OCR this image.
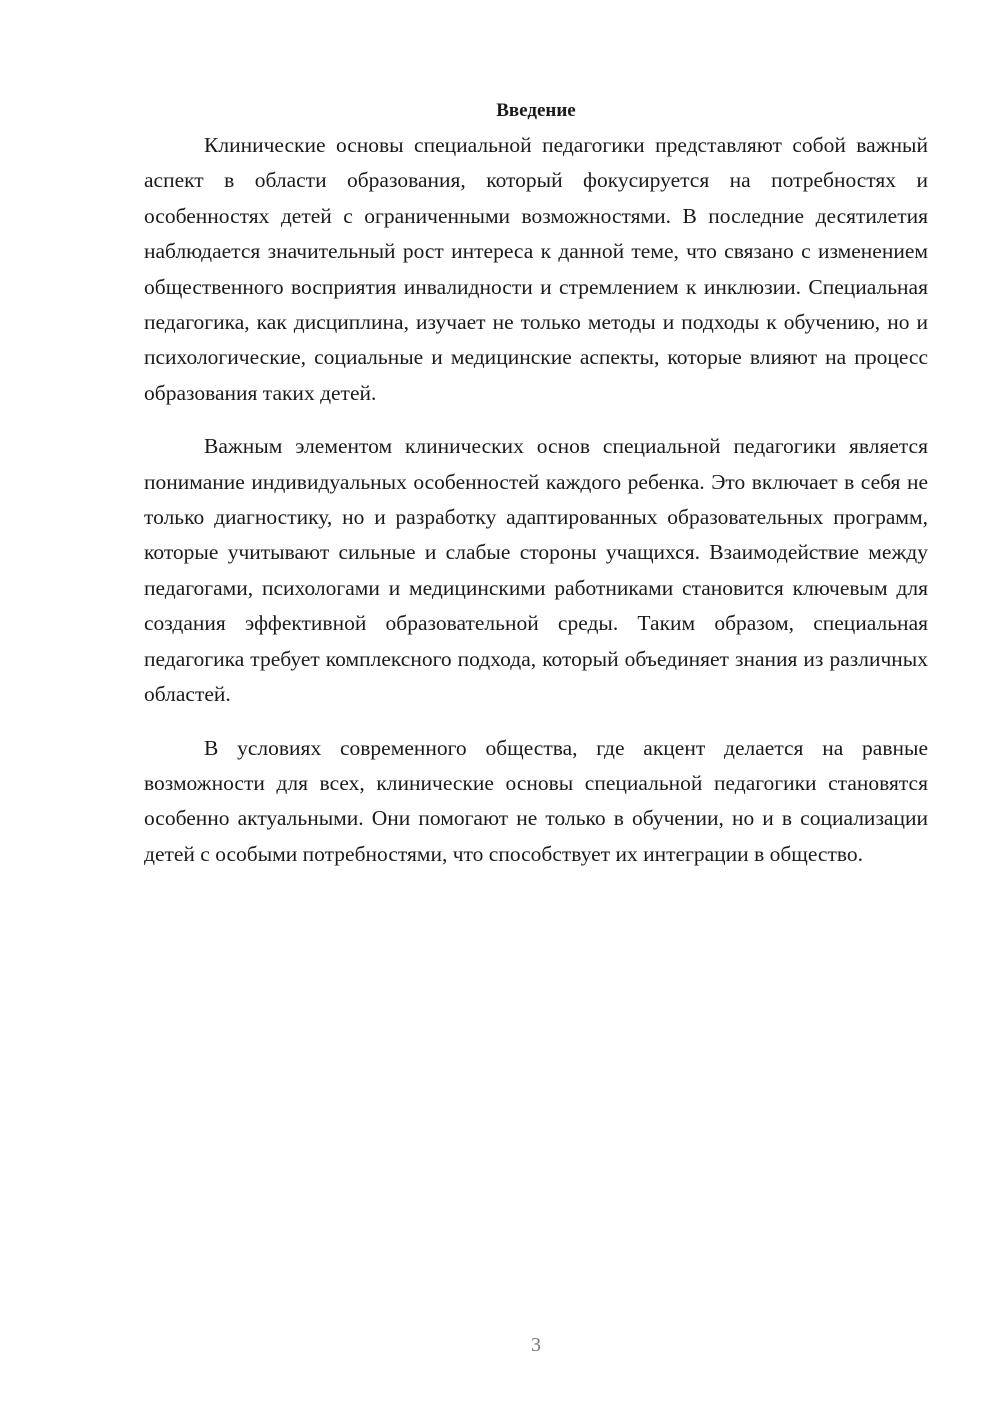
Введение

Клинические основы специальной педагогики представляют собой важный аспект в области образования, который фокусируется на потребностях и особенностях детей с ограниченными возможностями. В последние десятилетия наблюдается значительный рост интереса к данной теме, что связано с изменением общественного восприятия инвалидности и стремлением к инклюзии. Специальная педагогика, как дисциплина, изучает не только методы и подходы к обучению, но и психологические, социальные и медицинские аспекты, которые влияют на процесс образования таких детей.

Важным элементом клинических основ специальной педагогики является понимание индивидуальных особенностей каждого ребенка. Это включает в себя не только диагностику, но и разработку адаптированных образовательных программ, которые учитывают сильные и слабые стороны учащихся. Взаимодействие между педагогами, психологами и медицинскими работниками становится ключевым для создания эффективной образовательной среды. Таким образом, специальная педагогика требует комплексного подхода, который объединяет знания из различных областей.

В условиях современного общества, где акцент делается на равные возможности для всех, клинические основы специальной педагогики становятся особенно актуальными. Они помогают не только в обучении, но и в социализации детей с особыми потребностями, что способствует их интеграции в общество.

3
